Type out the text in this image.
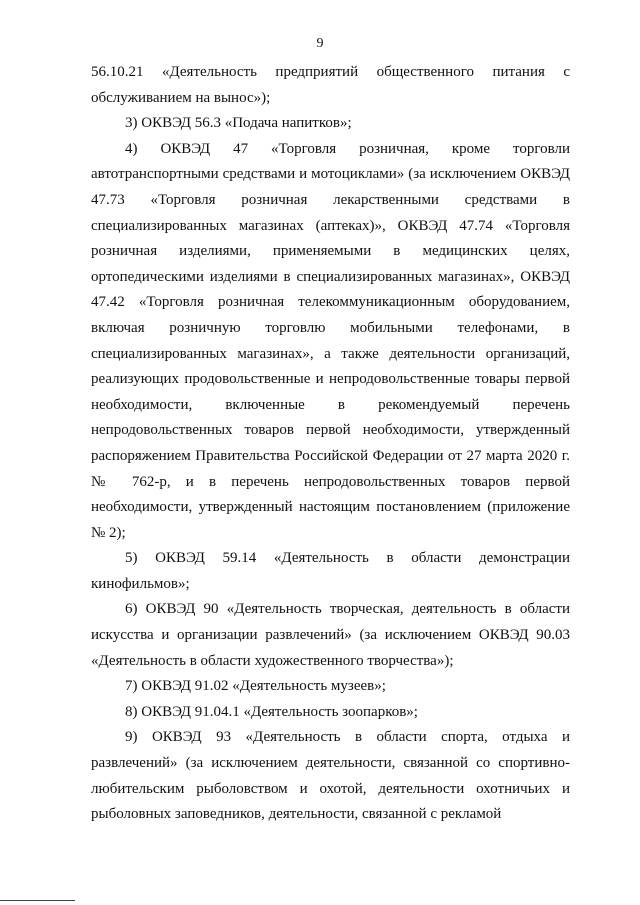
9

56.10.21 «Деятельность предприятий общественного питания с обслуживанием на вынос»);

3) ОКВЭД 56.3 «Подача напитков»;

4) ОКВЭД 47 «Торговля розничная, кроме торговли автотранспортными средствами и мотоциклами» (за исключением ОКВЭД 47.73 «Торговля розничная лекарственными средствами в специализированных магазинах (аптеках)», ОКВЭД 47.74 «Торговля розничная изделиями, применяемыми в медицинских целях, ортопедическими изделиями в специализированных магазинах», ОКВЭД 47.42 «Торговля розничная телекоммуникационным оборудованием, включая розничную торговлю мобильными телефонами, в специализированных магазинах», а также деятельности организаций, реализующих продовольственные и непродовольственные товары первой необходимости, включенные в рекомендуемый перечень непродовольственных товаров первой необходимости, утвержденный распоряжением Правительства Российской Федерации от 27 марта 2020 г. № 762-р, и в перечень непродовольственных товаров первой необходимости, утвержденный настоящим постановлением (приложение № 2);

5) ОКВЭД 59.14 «Деятельность в области демонстрации кинофильмов»;

6) ОКВЭД 90 «Деятельность творческая, деятельность в области искусства и организации развлечений» (за исключением ОКВЭД 90.03 «Деятельность в области художественного творчества»);

7) ОКВЭД 91.02 «Деятельность музеев»;

8) ОКВЭД 91.04.1 «Деятельность зоопарков»;

9) ОКВЭД 93 «Деятельность в области спорта, отдыха и развлечений» (за исключением деятельности, связанной со спортивно-любительским рыболовством и охотой, деятельности охотничьих и рыболовных заповедников, деятельности, связанной с рекламой
